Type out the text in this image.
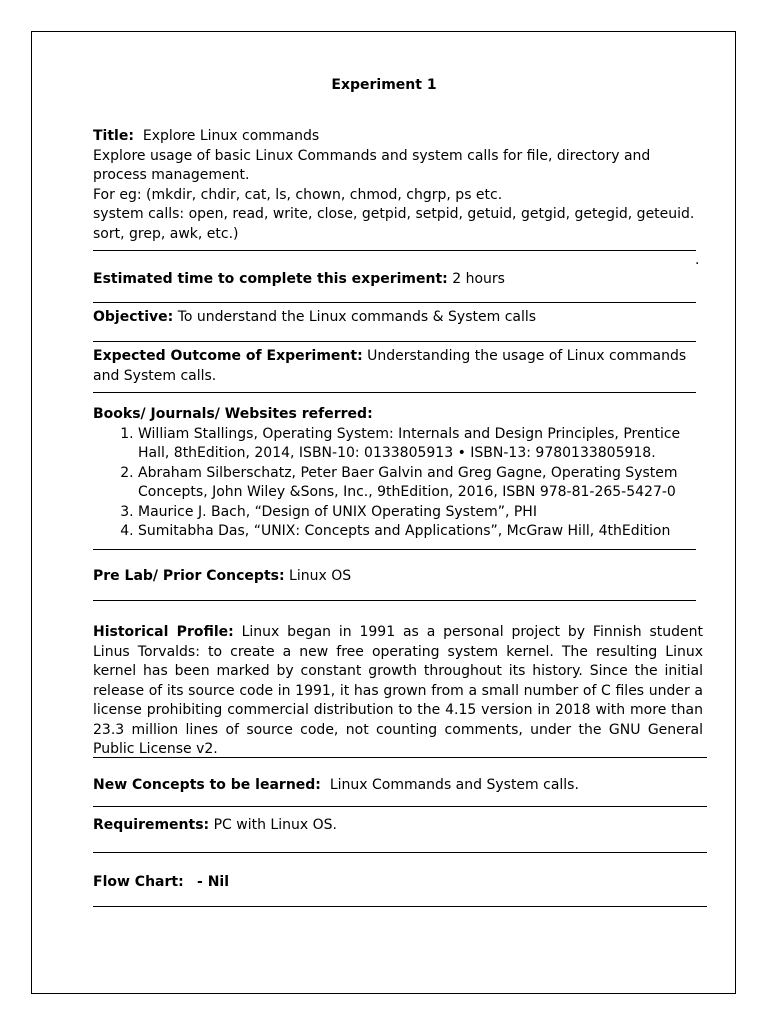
Experiment 1
Title: Explore Linux commands
Explore usage of basic Linux Commands and system calls for file, directory and process management.
For eg: (mkdir, chdir, cat, ls, chown, chmod, chgrp, ps etc.
system calls: open, read, write, close, getpid, setpid, getuid, getgid, getegid, geteuid. sort, grep, awk, etc.)
.
Estimated time to complete this experiment: 2 hours
Objective: To understand the Linux commands & System calls
Expected Outcome of Experiment: Understanding the usage of Linux commands and System calls.
Books/ Journals/ Websites referred:
1. William Stallings, Operating System: Internals and Design Principles, Prentice Hall, 8thEdition, 2014, ISBN-10: 0133805913 • ISBN-13: 9780133805918.
2. Abraham Silberschatz, Peter Baer Galvin and Greg Gagne, Operating System Concepts, John Wiley &Sons, Inc., 9thEdition, 2016, ISBN 978-81-265-5427-0
3. Maurice J. Bach, “Design of UNIX Operating System”, PHI
4. Sumitabha Das, “UNIX: Concepts and Applications”, McGraw Hill, 4thEdition
Pre Lab/ Prior Concepts: Linux OS
Historical Profile: Linux began in 1991 as a personal project by Finnish student Linus Torvalds: to create a new free operating system kernel. The resulting Linux kernel has been marked by constant growth throughout its history. Since the initial release of its source code in 1991, it has grown from a small number of C files under a license prohibiting commercial distribution to the 4.15 version in 2018 with more than 23.3 million lines of source code, not counting comments, under the GNU General Public License v2.
New Concepts to be learned: Linux Commands and System calls.
Requirements: PC with Linux OS.
Flow Chart: - Nil
